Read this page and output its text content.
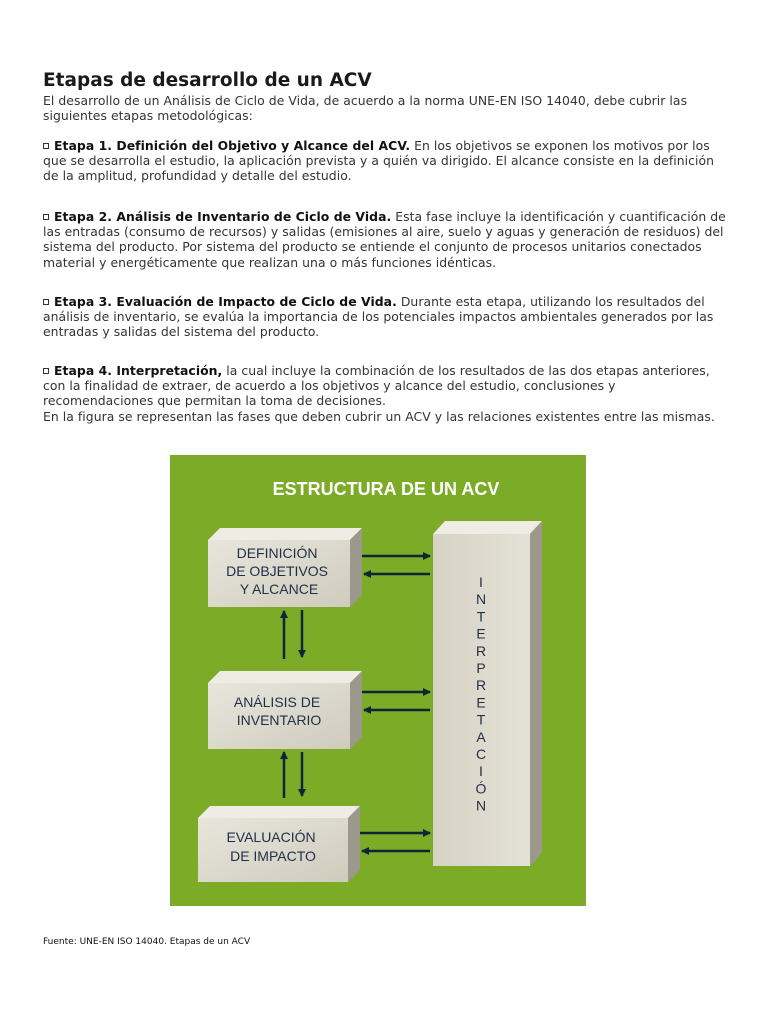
Etapas de desarrollo de un ACV
El desarrollo de un Análisis de Ciclo de Vida, de acuerdo a la norma UNE-EN ISO 14040, debe cubrir las siguientes etapas metodológicas:
Etapa 1. Definición del Objetivo y Alcance del ACV. En los objetivos se exponen los motivos por los que se desarrolla el estudio, la aplicación prevista y a quién va dirigido. El alcance consiste en la definición de la amplitud, profundidad y detalle del estudio.
Etapa 2. Análisis de Inventario de Ciclo de Vida. Esta fase incluye la identificación y cuantificación de las entradas (consumo de recursos) y salidas (emisiones al aire, suelo y aguas y generación de residuos) del sistema del producto. Por sistema del producto se entiende el conjunto de procesos unitarios conectados material y energéticamente que realizan una o más funciones idénticas.
Etapa 3. Evaluación de Impacto de Ciclo de Vida. Durante esta etapa, utilizando los resultados del análisis de inventario, se evalúa la importancia de los potenciales impactos ambientales generados por las entradas y salidas del sistema del producto.
Etapa 4. Interpretación, la cual incluye la combinación de los resultados de las dos etapas anteriores, con la finalidad de extraer, de acuerdo a los objetivos y alcance del estudio, conclusiones y recomendaciones que permitan la toma de decisiones.
En la figura se representan las fases que deben cubrir un ACV y las relaciones existentes entre las mismas.
ESTRUCTURA DE UN ACV
DEFINICIÓN DE OBJETIVOS Y ALCANCE
ANÁLISIS DE INVENTARIO
EVALUACIÓN DE IMPACTO
I
N
T
E
R
P
R
E
T
A
C
I
Ó
N
Fuente: UNE-EN ISO 14040. Etapas de un ACV
